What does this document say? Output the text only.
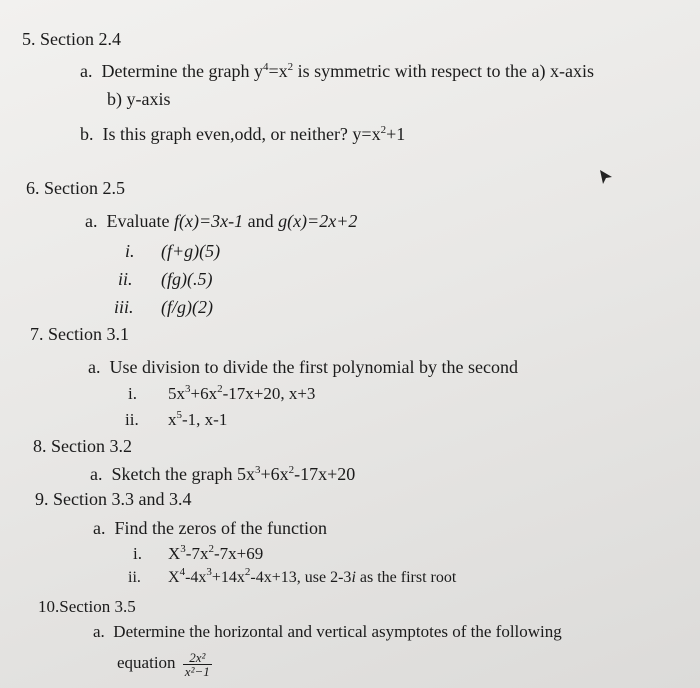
5. Section 2.4
a. Determine the graph $y^4=x^2$ is symmetric with respect to the a) x-axis
b) y-axis
b. Is this graph even,odd, or neither? $y=x^2+1$
6. Section 2.5
a. Evaluate f(x)=3x-1 and g(x)=2x+2
i. (f+g)(5)
ii. (fg)(.5)
iii. (f/g)(2)
7. Section 3.1
a. Use division to divide the first polynomial by the second
i. $5x^3+6x^2-17x+20$, x+3
ii. $x^5-1$, x-1
8. Section 3.2
a. Sketch the graph $5x^3+6x^2-17x+20$
9. Section 3.3 and 3.4
a. Find the zeros of the function
i. $X^3-7x^2-7x+69$
ii. $X^4-4x^3+14x^2-4x+13$, use 2-3i as the first root
10.Section 3.5
a. Determine the horizontal and vertical asymptotes of the following
equation $\frac{\text{2x²}}{\text{x²−1}}$
